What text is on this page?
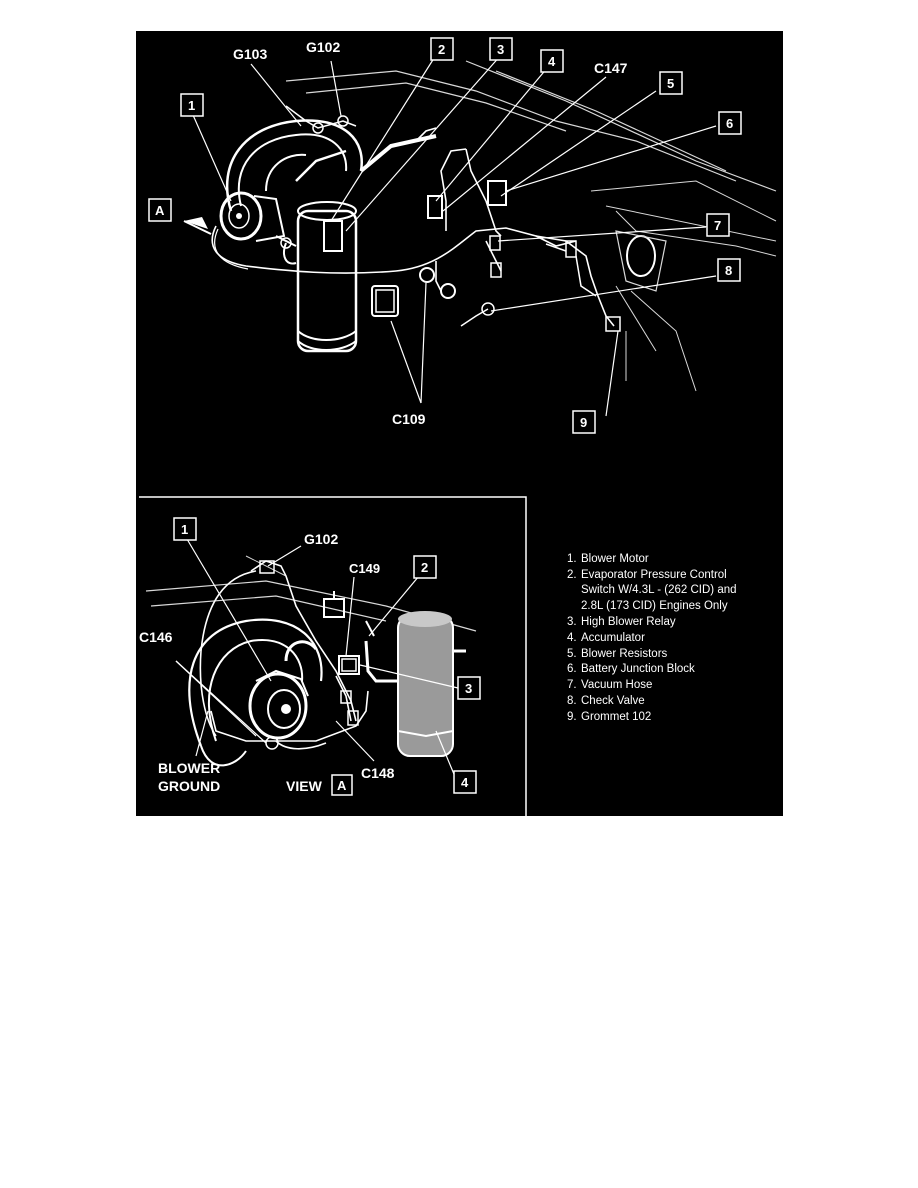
G103	G102
C147
C109
1
2	3
4
5
6
7
8
9
A
G102
C149
C146
C148
BLOWER
GROUND	VIEW A
1
2
3
4
1. Blower Motor
2. Evaporator Pressure Control
Switch W/4.3L - (262 CID) and
2.8L (173 CID) Engines Only
3. High Blower Relay
4. Accumulator
5. Blower Resistors
6. Battery Junction Block
7. Vacuum Hose
8. Check Valve
9. Grommet 102
